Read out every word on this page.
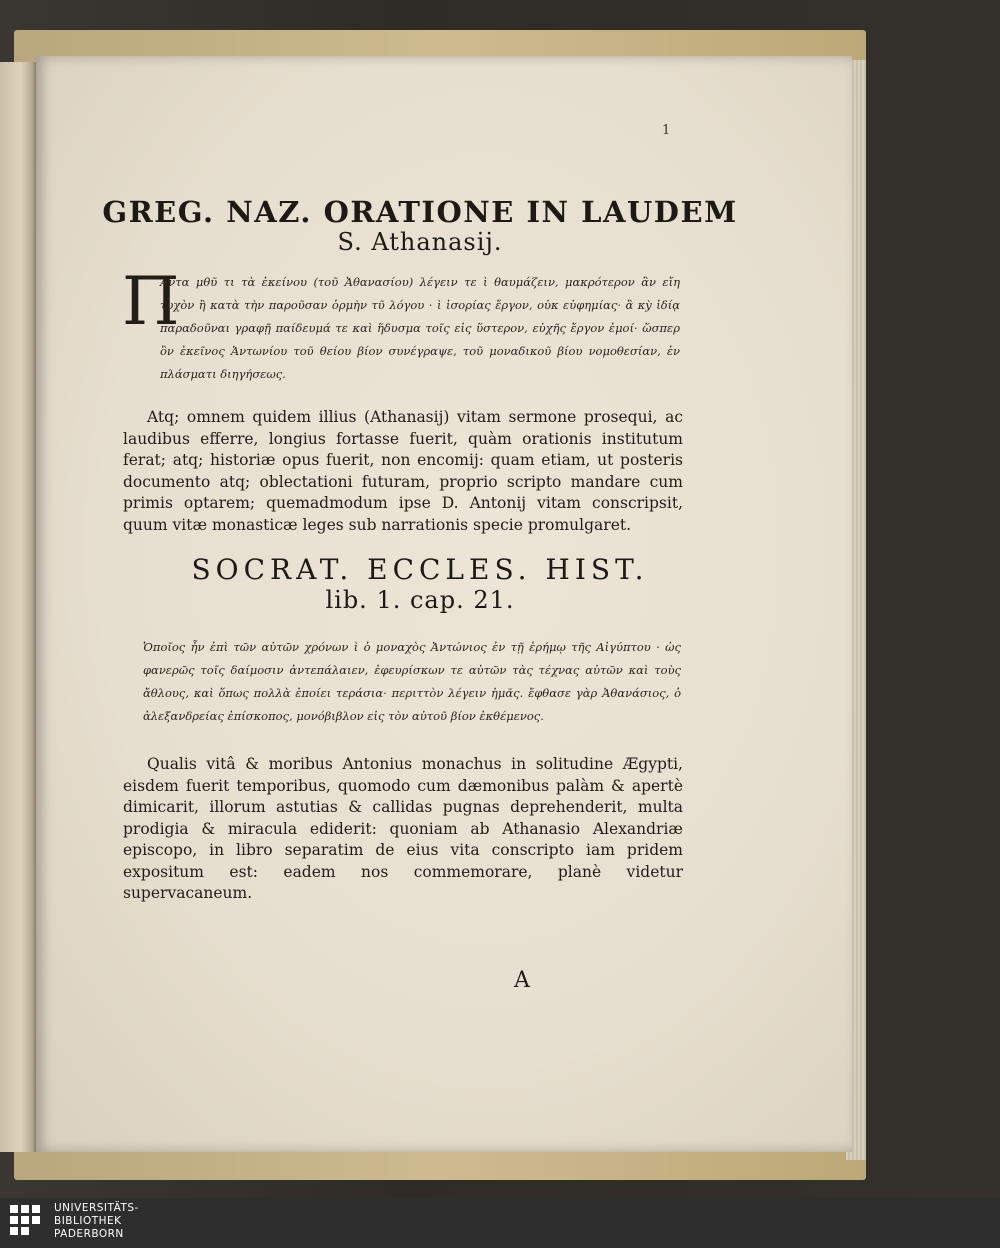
1
GREG. NAZ. ORATIONE IN LAUDEM
S. Athanasij.
Π
Αντα μθῦ τι τὰ ἐκείνου (τοῦ Ἀθανασίου) λέγειν τε ὶ θαυμάζειν, μακρότερον ἂν εἴη τυχὸν ἢ κατὰ τὴν παροῦσαν ὁρμὴν τῦ λόγου · ὶ ἱσορίας ἔργον, οὐκ εὐφημίας· ἃ κỳ ἰδίᾳ παραδοῦναι γραφῇ παίδευμά τε καὶ ἥδυσμα τοῖς εἰς ὕστερον, εὐχῆς ἔργον ἐμοί· ὥσπερ ὃν ἐκεῖνος Ἀντωνίου τοῦ θείου βίον συνέγραψε, τοῦ μοναδικοῦ βίου νομοθεσίαν, ἐν πλάσματι διηγήσεως.
Atq; omnem quidem illius (Athanasij) vitam sermone prosequi, ac laudibus efferre, longius fortasse fuerit, quàm orationis institutum ferat; atq; historiæ opus fuerit, non encomij: quam etiam, ut posteris documento atq; oblectationi futuram, proprio scripto mandare cum primis optarem; quemadmodum ipse D. Antonij vitam conscripsit, quum vitæ monasticæ leges sub narrationis specie promulgaret.
SOCRAT. ECCLES. HIST.
lib. 1. cap. 21.
Ὁποῖος ἦν ἐπὶ τῶν αὐτῶν χρόνων ὶ ὁ μοναχὸς Ἀντώνιος ἐν τῇ ἐρήμῳ τῆς Αἰγύπτου · ὡς φανερῶς τοῖς δαίμοσιν ἀντεπάλαιεν, ἐφευρίσκων τε αὐτῶν τὰς τέχνας αὐτῶν καὶ τοὺς ἄθλους, καὶ ὅπως πολλὰ ἐποίει τεράσια· περιττὸν λέγειν ἡμᾶς. ἔφθασε γὰρ Ἀθανάσιος, ὁ ἀλεξανδρείας ἐπίσκοπος, μονόβιβλον εἰς τὸν αὐτοῦ βίον ἐκθέμενος.
Qualis vitâ & moribus Antonius monachus in solitudine Ægypti, eisdem fuerit temporibus, quomodo cum dæmonibus palàm & apertè dimicarit, illorum astutias & callidas pugnas deprehenderit, multa prodigia & miracula ediderit: quoniam ab Athanasio Alexandriæ episcopo, in libro separatim de eius vita conscripto iam pridem expositum est: eadem nos commemorare, planè videtur supervacaneum.
A
UNIVERSITÄTS-
BIBLIOTHEK
PADERBORN
